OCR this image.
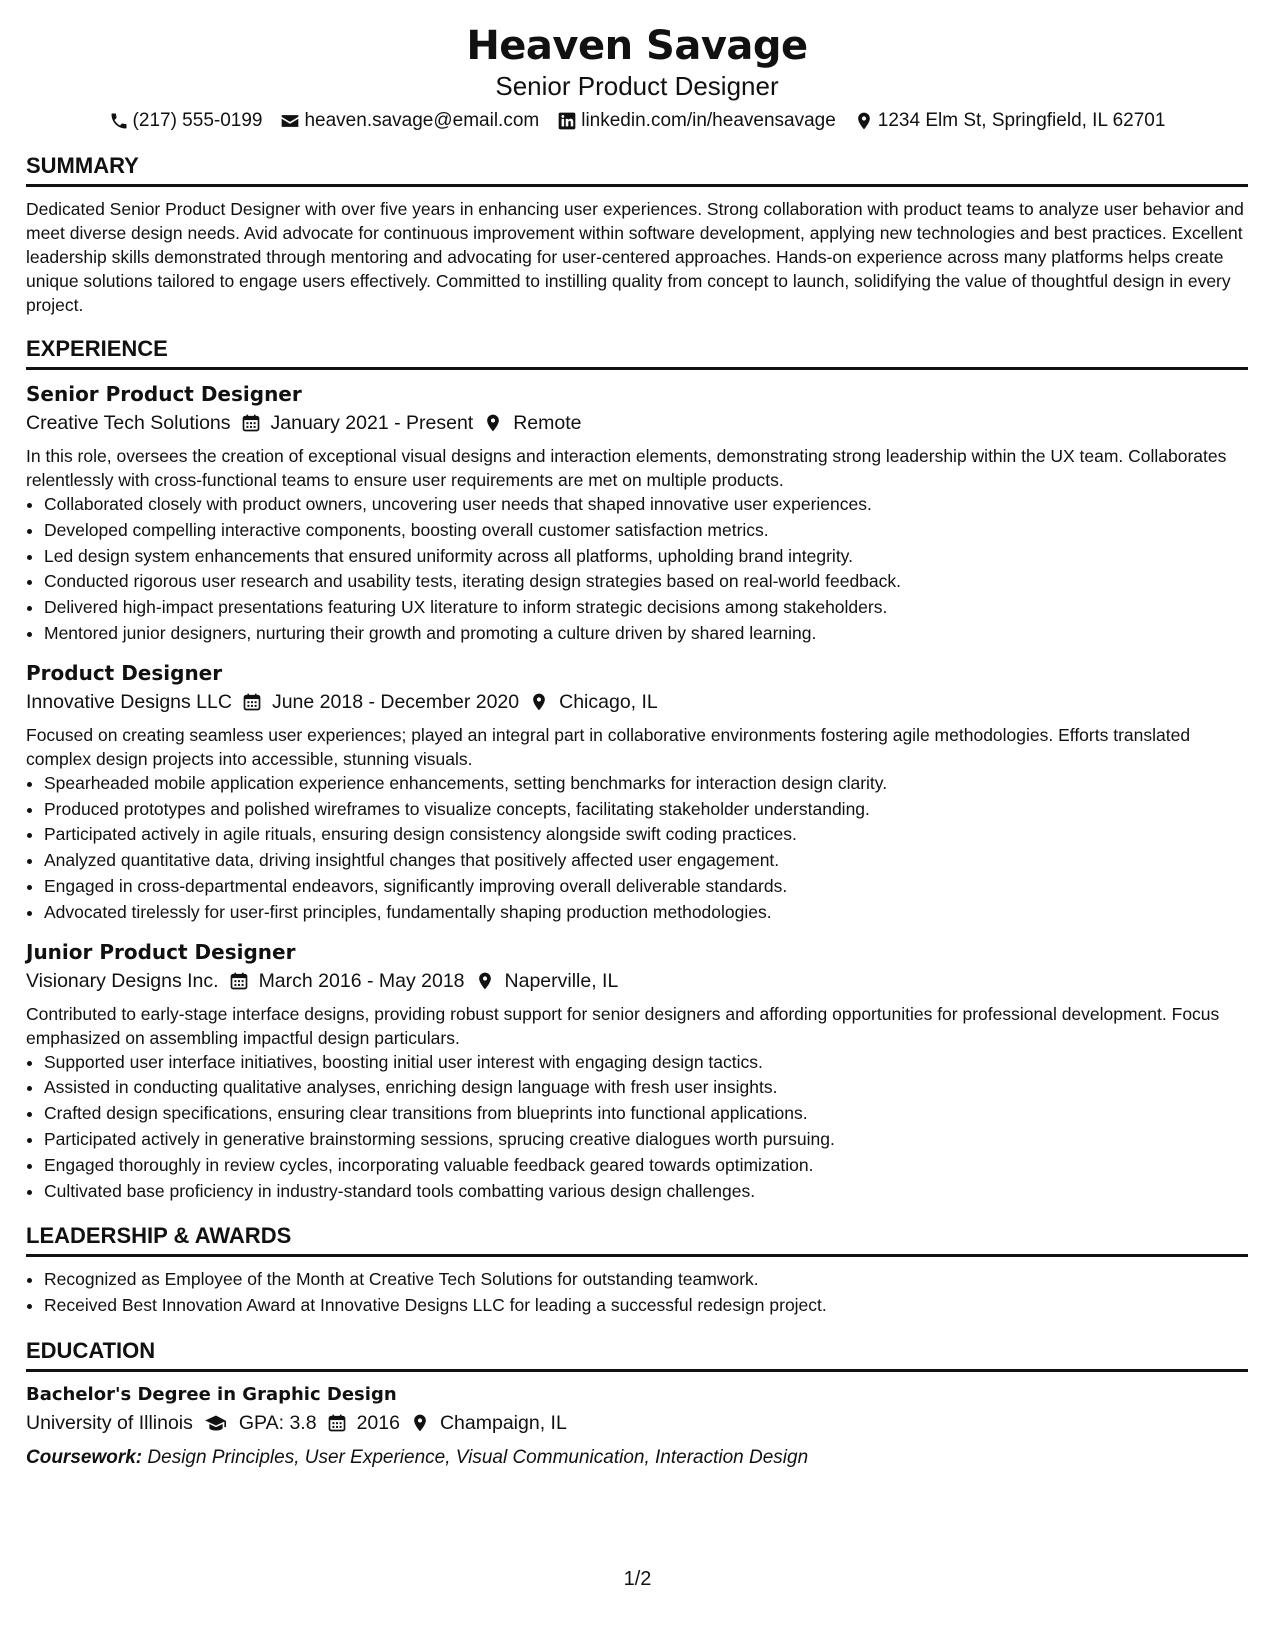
Heaven Savage
Senior Product Designer
(217) 555-0199 heaven.savage@email.com linkedin.com/in/heavensavage 1234 Elm St, Springfield, IL 62701
SUMMARY
Dedicated Senior Product Designer with over five years in enhancing user experiences. Strong collaboration with product teams to analyze user behavior and meet diverse design needs. Avid advocate for continuous improvement within software development, applying new technologies and best practices. Excellent leadership skills demonstrated through mentoring and advocating for user-centered approaches. Hands-on experience across many platforms helps create unique solutions tailored to engage users effectively. Committed to instilling quality from concept to launch, solidifying the value of thoughtful design in every project.
EXPERIENCE
Senior Product Designer
Creative Tech Solutions January 2021 - Present Remote
In this role, oversees the creation of exceptional visual designs and interaction elements, demonstrating strong leadership within the UX team. Collaborates relentlessly with cross-functional teams to ensure user requirements are met on multiple products.
• Collaborated closely with product owners, uncovering user needs that shaped innovative user experiences.
• Developed compelling interactive components, boosting overall customer satisfaction metrics.
• Led design system enhancements that ensured uniformity across all platforms, upholding brand integrity.
• Conducted rigorous user research and usability tests, iterating design strategies based on real-world feedback.
• Delivered high-impact presentations featuring UX literature to inform strategic decisions among stakeholders.
• Mentored junior designers, nurturing their growth and promoting a culture driven by shared learning.
Product Designer
Innovative Designs LLC June 2018 - December 2020 Chicago, IL
Focused on creating seamless user experiences; played an integral part in collaborative environments fostering agile methodologies. Efforts translated complex design projects into accessible, stunning visuals.
• Spearheaded mobile application experience enhancements, setting benchmarks for interaction design clarity.
• Produced prototypes and polished wireframes to visualize concepts, facilitating stakeholder understanding.
• Participated actively in agile rituals, ensuring design consistency alongside swift coding practices.
• Analyzed quantitative data, driving insightful changes that positively affected user engagement.
• Engaged in cross-departmental endeavors, significantly improving overall deliverable standards.
• Advocated tirelessly for user-first principles, fundamentally shaping production methodologies.
Junior Product Designer
Visionary Designs Inc. March 2016 - May 2018 Naperville, IL
Contributed to early-stage interface designs, providing robust support for senior designers and affording opportunities for professional development. Focus emphasized on assembling impactful design particulars.
• Supported user interface initiatives, boosting initial user interest with engaging design tactics.
• Assisted in conducting qualitative analyses, enriching design language with fresh user insights.
• Crafted design specifications, ensuring clear transitions from blueprints into functional applications.
• Participated actively in generative brainstorming sessions, sprucing creative dialogues worth pursuing.
• Engaged thoroughly in review cycles, incorporating valuable feedback geared towards optimization.
• Cultivated base proficiency in industry-standard tools combatting various design challenges.
LEADERSHIP & AWARDS
• Recognized as Employee of the Month at Creative Tech Solutions for outstanding teamwork.
• Received Best Innovation Award at Innovative Designs LLC for leading a successful redesign project.
EDUCATION
Bachelor's Degree in Graphic Design
University of Illinois GPA: 3.8 2016 Champaign, IL
Coursework: Design Principles, User Experience, Visual Communication, Interaction Design
1/2
